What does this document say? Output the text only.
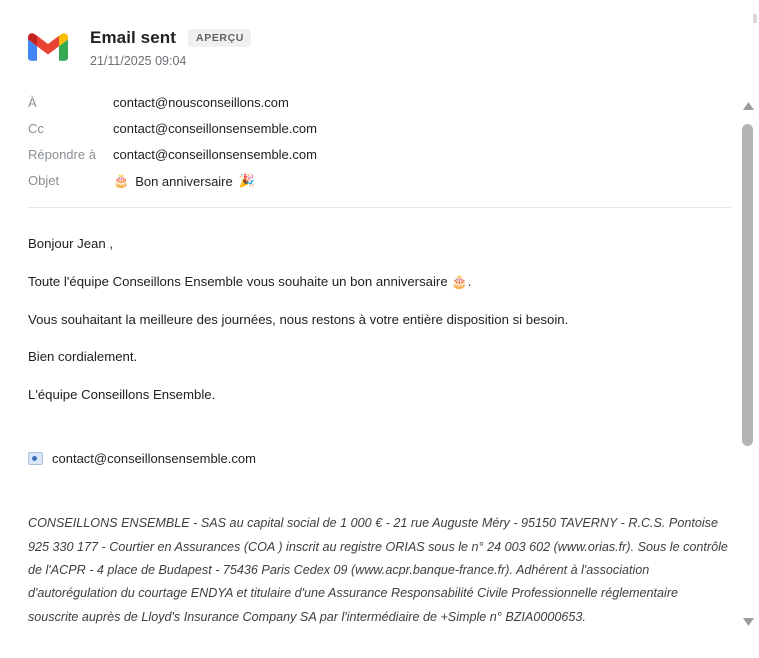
Email sent	APERÇU
21/11/2025 09:04
À	contact@nousconseillons.com
Cc	contact@conseillonsensemble.com
Répondre à	contact@conseillonsensemble.com
Objet	🎂 Bon anniversaire 🎉

Bonjour Jean ,

Toute l'équipe Conseillons Ensemble vous souhaite un bon anniversaire 🎂.

Vous souhaitant la meilleure des journées, nous restons à votre entière disposition si besoin.

Bien cordialement.

L'équipe Conseillons Ensemble.

contact@conseillonsensemble.com
CONSEILLONS ENSEMBLE - SAS au capital social de 1 000 € - 21 rue Auguste Méry - 95150 TAVERNY - R.C.S. Pontoise 925 330 177 - Courtier en Assurances (COA ) inscrit au registre ORIAS sous le n° 24 003 602 (www.orias.fr). Sous le contrôle de l'ACPR - 4 place de Budapest - 75436 Paris Cedex 09 (www.acpr.banque-france.fr). Adhérent à l'association d'autorégulation du courtage ENDYA et titulaire d'une Assurance Responsabilité Civile Professionnelle réglementaire souscrite auprès de Lloyd's Insurance Company SA par l'intermédiaire de +Simple n° BZIA0000653.
